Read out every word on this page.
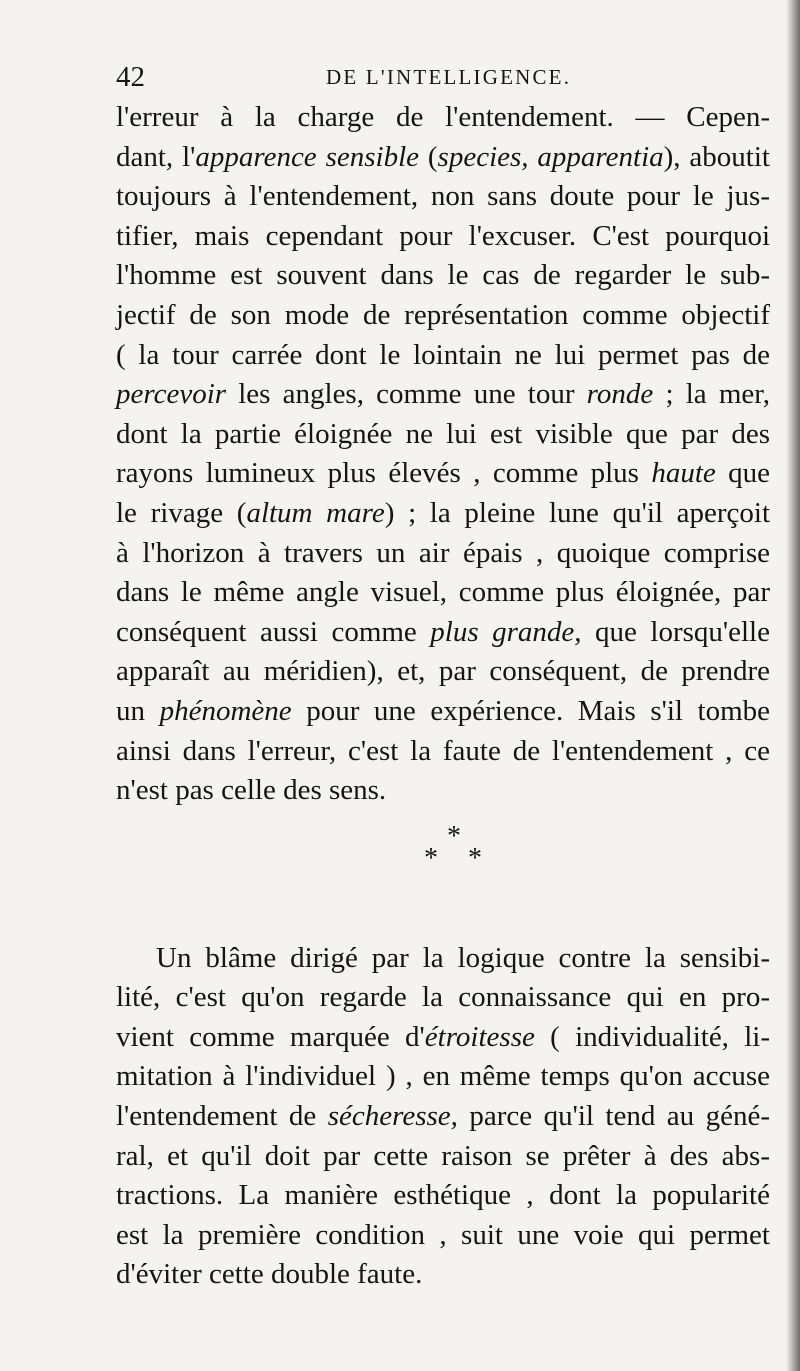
42	DE L'INTELLIGENCE.
l'erreur à la charge de l'entendement. — Cepen-
dant, l'apparence sensible (species, apparentia), aboutit
toujours à l'entendement, non sans doute pour le jus-
tifier, mais cependant pour l'excuser. C'est pourquoi
l'homme est souvent dans le cas de regarder le sub-
jectif de son mode de représentation comme objectif
( la tour carrée dont le lointain ne lui permet pas de
percevoir les angles, comme une tour ronde ; la mer,
dont la partie éloignée ne lui est visible que par des
rayons lumineux plus élevés , comme plus haute que
le rivage (altum mare) ; la pleine lune qu'il aperçoit
à l'horizon à travers un air épais , quoique comprise
dans le même angle visuel, comme plus éloignée, par
conséquent aussi comme plus grande, que lorsqu'elle
apparaît au méridien), et, par conséquent, de prendre
un phénomène pour une expérience. Mais s'il tombe
ainsi dans l'erreur, c'est la faute de l'entendement , ce
n'est pas celle des sens.
*
* *
Un blâme dirigé par la logique contre la sensibi-
lité, c'est qu'on regarde la connaissance qui en pro-
vient comme marquée d'étroitesse ( individualité, li-
mitation à l'individuel ) , en même temps qu'on accuse
l'entendement de sécheresse, parce qu'il tend au géné-
ral, et qu'il doit par cette raison se prêter à des abs-
tractions. La manière esthétique , dont la popularité
est la première condition , suit une voie qui permet
d'éviter cette double faute.
